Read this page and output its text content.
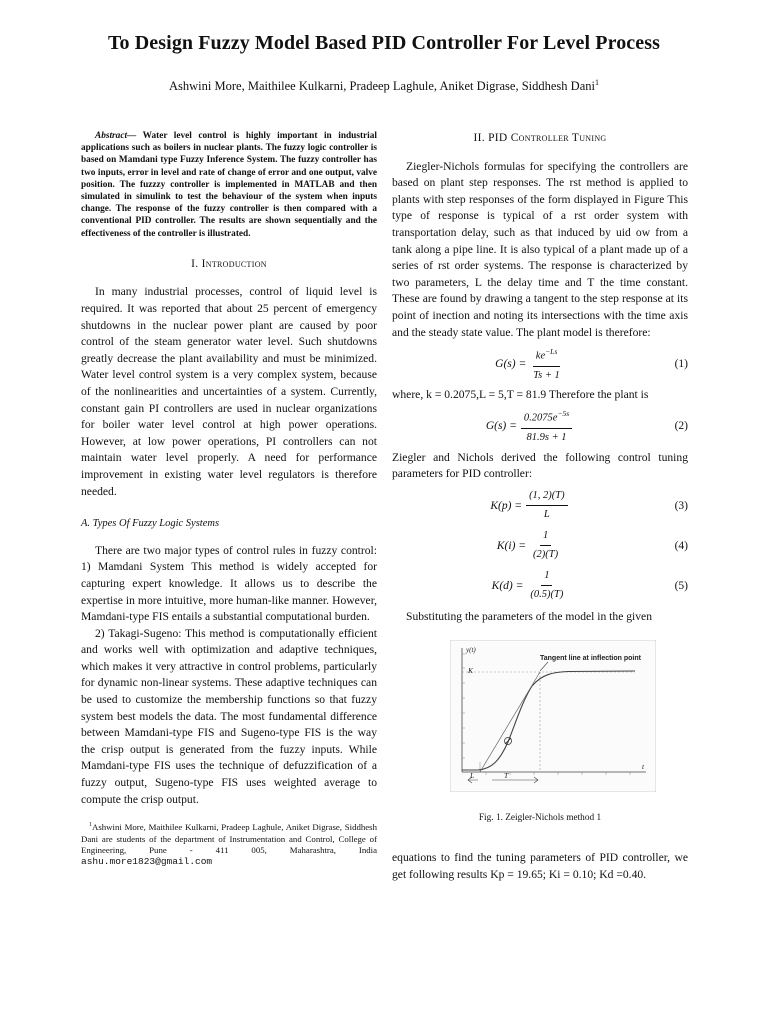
To Design Fuzzy Model Based PID Controller For Level Process
Ashwini More, Maithilee Kulkarni, Pradeep Laghule, Aniket Digrase, Siddhesh Dani$^1$

Abstract— Water level control is highly important in industrial applications such as boilers in nuclear plants. The fuzzy logic controller is based on Mamdani type Fuzzy Inference System. The fuzzy controller has two inputs, error in level and rate of change of error and one output, valve position. The fuzzzy controller is implemented in MATLAB and then simulated in simulink to test the behaviour of the system when inputs change. The response of the fuzzy controller is then compared with a conventional PID controller. The results are shown sequentially and the effectiveness of the controller is illustrated.

I. Introduction

In many industrial processes, control of liquid level is required. It was reported that about 25 percent of emergency shutdowns in the nuclear power plant are caused by poor control of the steam generator water level. Such shutdowns greatly decrease the plant availability and must be minimized. Water level control system is a very complex system, because of the nonlinearities and uncertainties of a system. Currently, constant gain PI controllers are used in nuclear organizations for boiler water level control at high power operations. However, at low power operations, PI controllers can not maintain water level properly. A need for performance improvement in existing water level regulators is therefore needed.

A. Types Of Fuzzy Logic Systems

There are two major types of control rules in fuzzy control: 1) Mamdani System This method is widely accepted for capturing expert knowledge. It allows us to describe the expertise in more intuitive, more human-like manner. However, Mamdani-type FIS entails a substantial computational burden.

2) Takagi-Sugeno: This method is computationally efficient and works well with optimization and adaptive techniques, which makes it very attractive in control problems, particularly for dynamic non-linear systems. These adaptive techniques can be used to customize the membership functions so that fuzzy system best models the data. The most fundamental difference between Mamdani-type FIS and Sugeno-type FIS is the way the crisp output is generated from the fuzzy inputs. While Mamdani-type FIS uses the technique of defuzzification of a fuzzy output, Sugeno-type FIS uses weighted average to compute the crisp output.

$^1$Ashwini More, Maithilee Kulkarni, Pradeep Laghule, Aniket Digrase, Siddhesh Dani are students of the department of Instrumentation and Control, College of Engineering, Pune - 411 005, Maharashtra, India ashu.more1823@gmail.com
II. PID Controller Tuning

Ziegler-Nichols formulas for specifying the controllers are based on plant step responses. The rst method is applied to plants with step responses of the form displayed in Figure This type of response is typical of a rst order system with transportation delay, such as that induced by uid ow from a tank along a pipe line. It is also typical of a plant made up of a series of rst order systems. The response is characterized by two parameters, L the delay time and T the time constant. These are found by drawing a tangent to the step response at its point of inection and noting its intersections with the time axis and the steady state value. The plant model is therefore:

$G(s) = \frac{ke^{-Ls}}{Ts + 1}$	(1)

where, k = 0.2075,L = 5,T = 81.9 Therefore the plant is

$G(s) = \frac{0.2075e^{-5s}}{81.9s + 1}$	(2)

Ziegler and Nichols derived the following control tuning parameters for PID controller:

$K(p) = \frac{(1, 2)(T)}{L}$	(3)
$K(i) = \frac{1}{(2)(T)}$	(4)
$K(d) = \frac{1}{(0.5)(T)}$	(5)

Substituting the parameters of the model in the given

y(t)
K
Tangent line at inflection point
L	T
t
Fig. 1. Zeigler-Nichols method 1

equations to find the tuning parameters of PID controller, we get following results Kp = 19.65; Ki = 0.10; Kd =0.40.
